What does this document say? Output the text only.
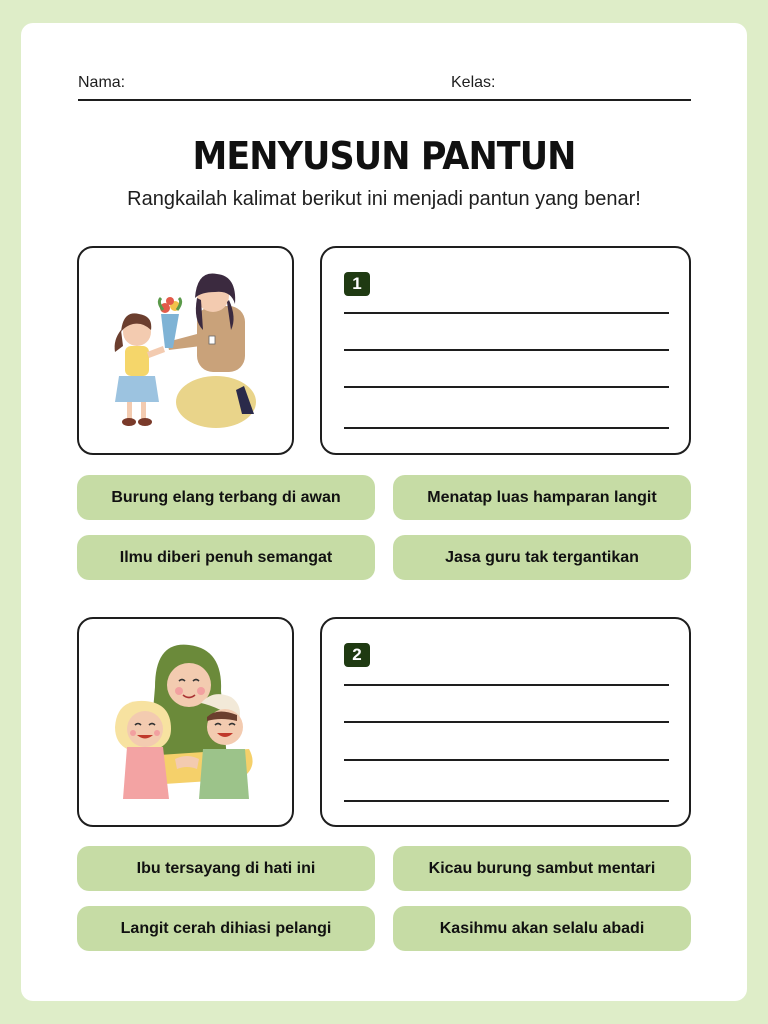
Nama:	Kelas:
MENYUSUN PANTUN
Rangkailah kalimat berikut ini menjadi pantun yang benar!
1
Burung elang terbang di awan	Menatap luas hamparan langit
Ilmu diberi penuh semangat	Jasa guru tak tergantikan
2
Ibu tersayang di hati ini	Kicau burung sambut mentari
Langit cerah dihiasi pelangi	Kasihmu akan selalu abadi
